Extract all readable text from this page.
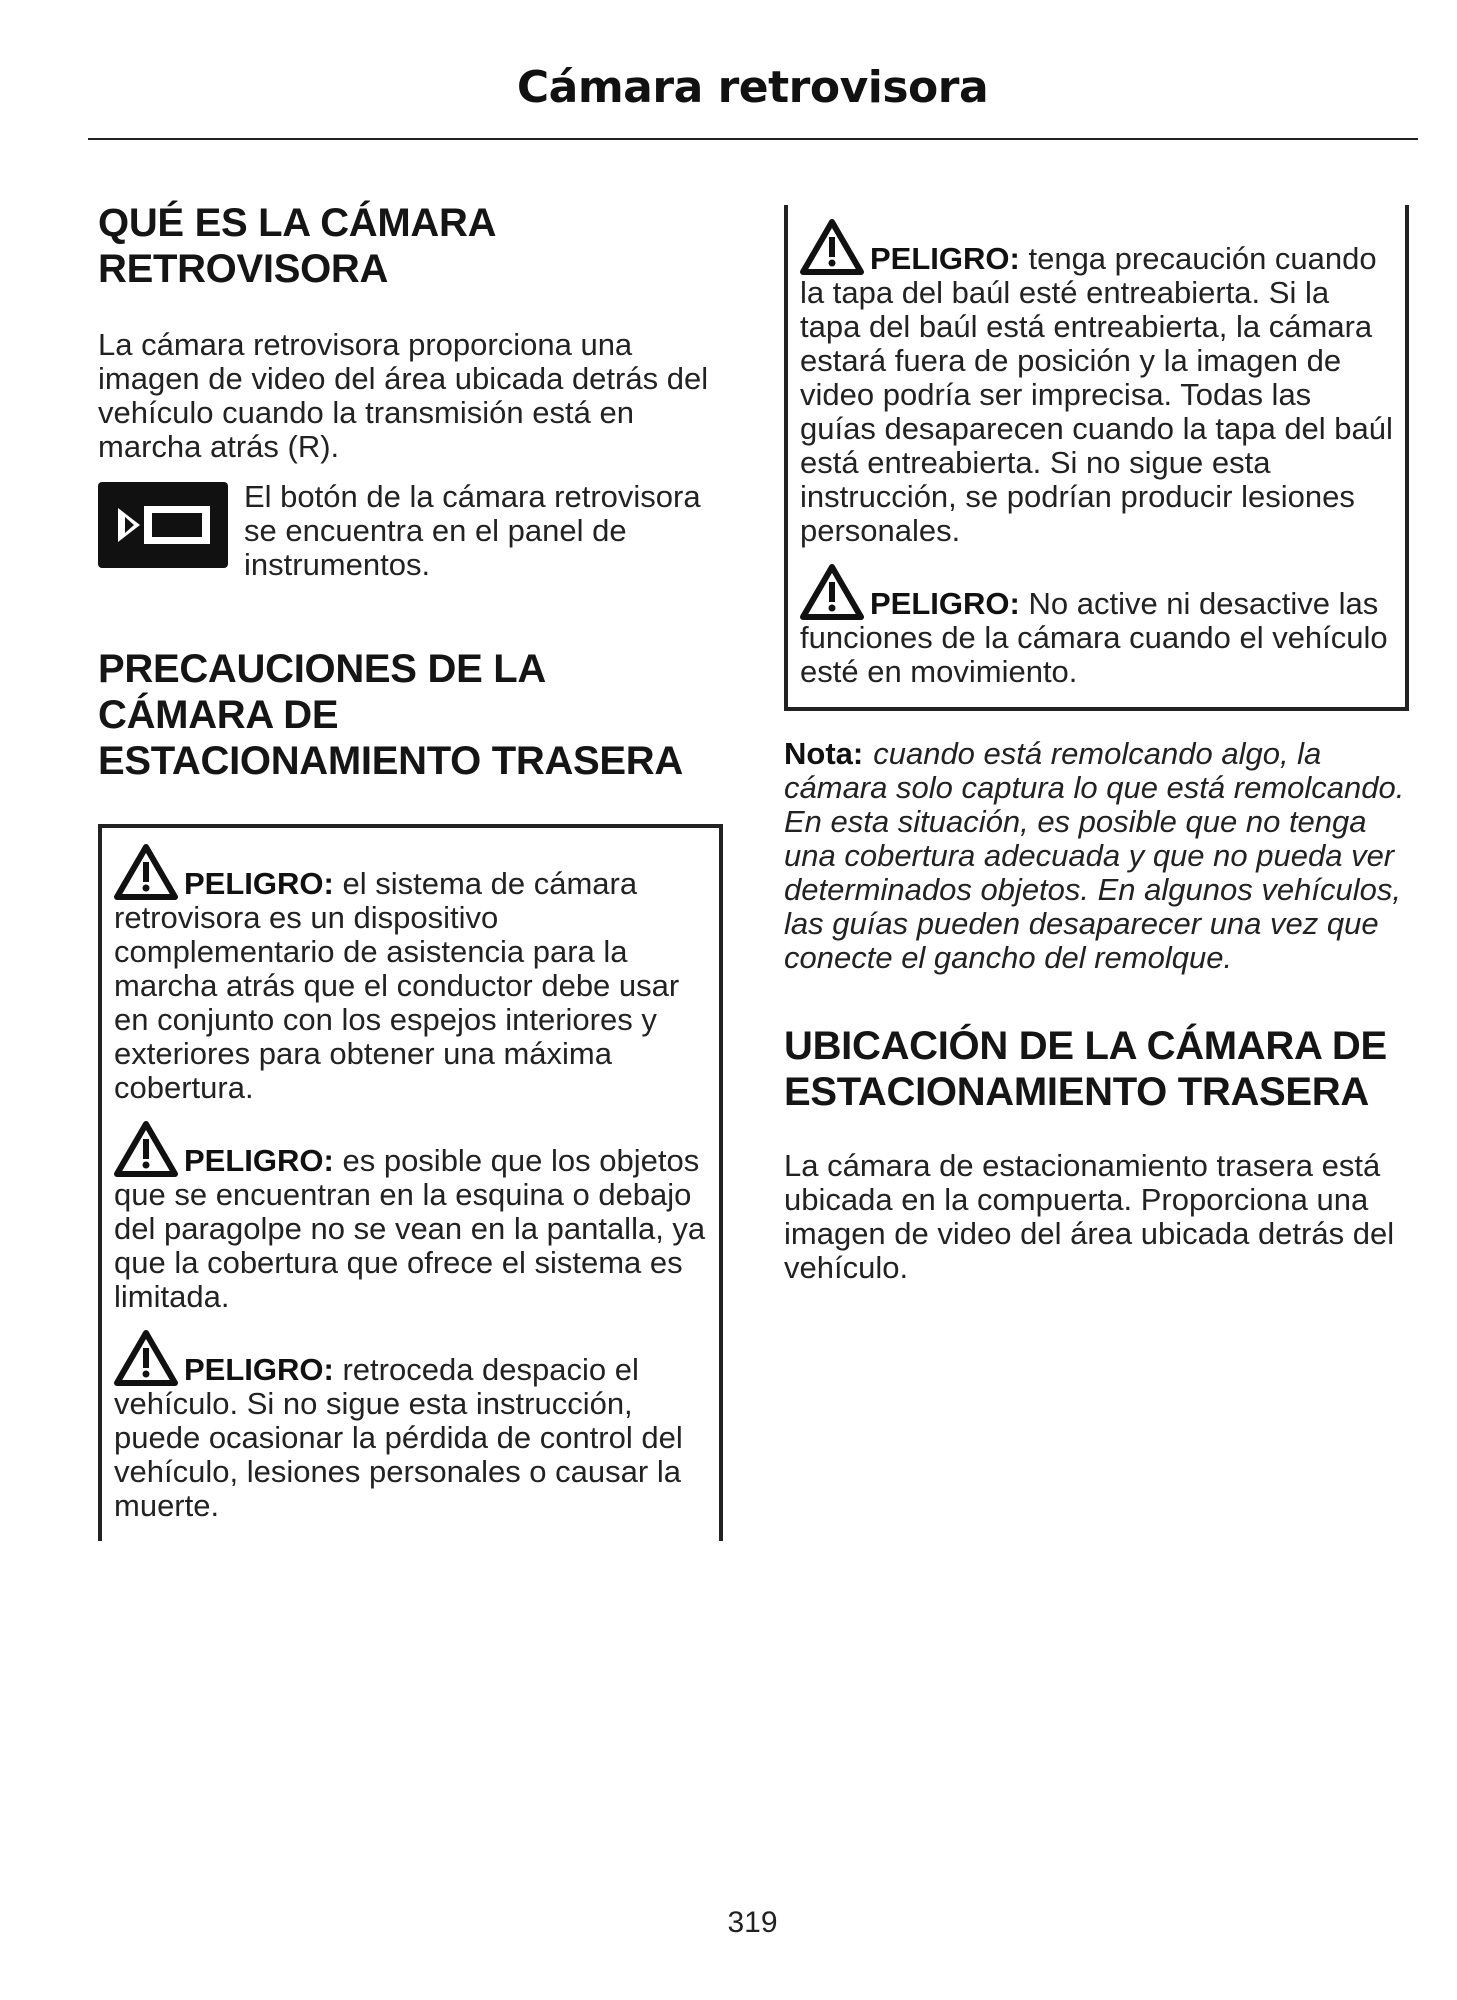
Cámara retrovisora
QUÉ ES LA CÁMARA RETROVISORA

La cámara retrovisora proporciona una imagen de video del área ubicada detrás del vehículo cuando la transmisión está en marcha atrás (R).

El botón de la cámara retrovisora se encuentra en el panel de instrumentos.

PRECAUCIONES DE LA CÁMARA DE ESTACIONAMIENTO TRASERA

PELIGRO: el sistema de cámara retrovisora es un dispositivo complementario de asistencia para la marcha atrás que el conductor debe usar en conjunto con los espejos interiores y exteriores para obtener una máxima cobertura.

PELIGRO: es posible que los objetos que se encuentran en la esquina o debajo del paragolpe no se vean en la pantalla, ya que la cobertura que ofrece el sistema es limitada.

PELIGRO: retroceda despacio el vehículo. Si no sigue esta instrucción, puede ocasionar la pérdida de control del vehículo, lesiones personales o causar la muerte.

PELIGRO: tenga precaución cuando la tapa del baúl esté entreabierta. Si la tapa del baúl está entreabierta, la cámara estará fuera de posición y la imagen de video podría ser imprecisa. Todas las guías desaparecen cuando la tapa del baúl está entreabierta. Si no sigue esta instrucción, se podrían producir lesiones personales.

PELIGRO: No active ni desactive las funciones de la cámara cuando el vehículo esté en movimiento.

Nota: cuando está remolcando algo, la cámara solo captura lo que está remolcando. En esta situación, es posible que no tenga una cobertura adecuada y que no pueda ver determinados objetos. En algunos vehículos, las guías pueden desaparecer una vez que conecte el gancho del remolque.

UBICACIÓN DE LA CÁMARA DE ESTACIONAMIENTO TRASERA

La cámara de estacionamiento trasera está ubicada en la compuerta. Proporciona una imagen de video del área ubicada detrás del vehículo.

319
